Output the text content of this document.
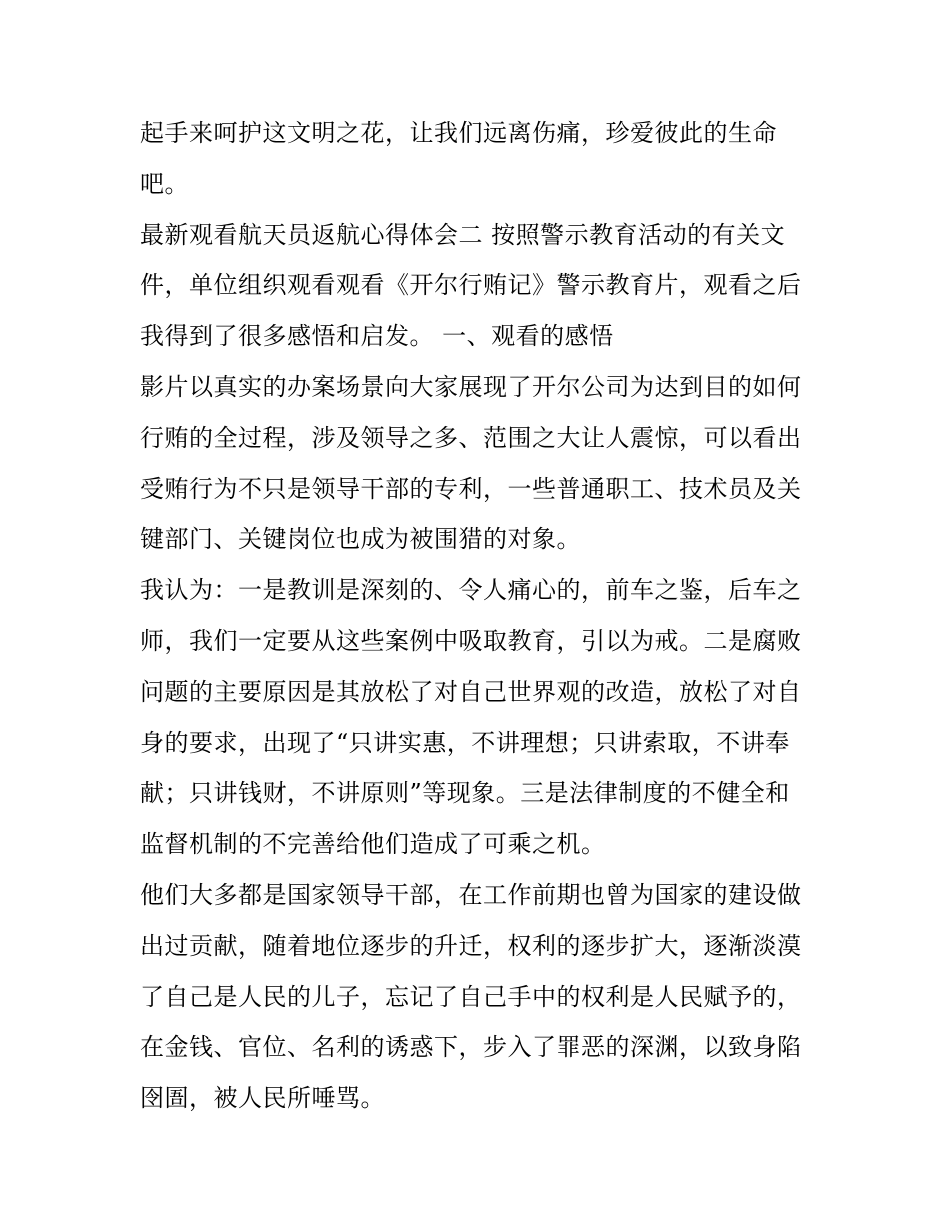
起手来呵护这文明之花，让我们远离伤痛，珍爱彼此的生命
吧。
最新观看航天员返航心得体会二 按照警示教育活动的有关文
件，单位组织观看观看《开尔行贿记》警示教育片，观看之后
我得到了很多感悟和启发。 一、观看的感悟
影片以真实的办案场景向大家展现了开尔公司为达到目的如何
行贿的全过程，涉及领导之多、范围之大让人震惊，可以看出
受贿行为不只是领导干部的专利，一些普通职工、技术员及关
键部门、关键岗位也成为被围猎的对象。
我认为：一是教训是深刻的、令人痛心的，前车之鉴，后车之
师，我们一定要从这些案例中吸取教育，引以为戒。二是腐败
问题的主要原因是其放松了对自己世界观的改造，放松了对自
身的要求，出现了“只讲实惠，不讲理想；只讲索取，不讲奉
献；只讲钱财，不讲原则”等现象。三是法律制度的不健全和
监督机制的不完善给他们造成了可乘之机。
他们大多都是国家领导干部，在工作前期也曾为国家的建设做
出过贡献，随着地位逐步的升迁，权利的逐步扩大，逐渐淡漠
了自己是人民的儿子，忘记了自己手中的权利是人民赋予的，
在金钱、官位、名利的诱惑下，步入了罪恶的深渊，以致身陷
囹圄，被人民所唾骂。
